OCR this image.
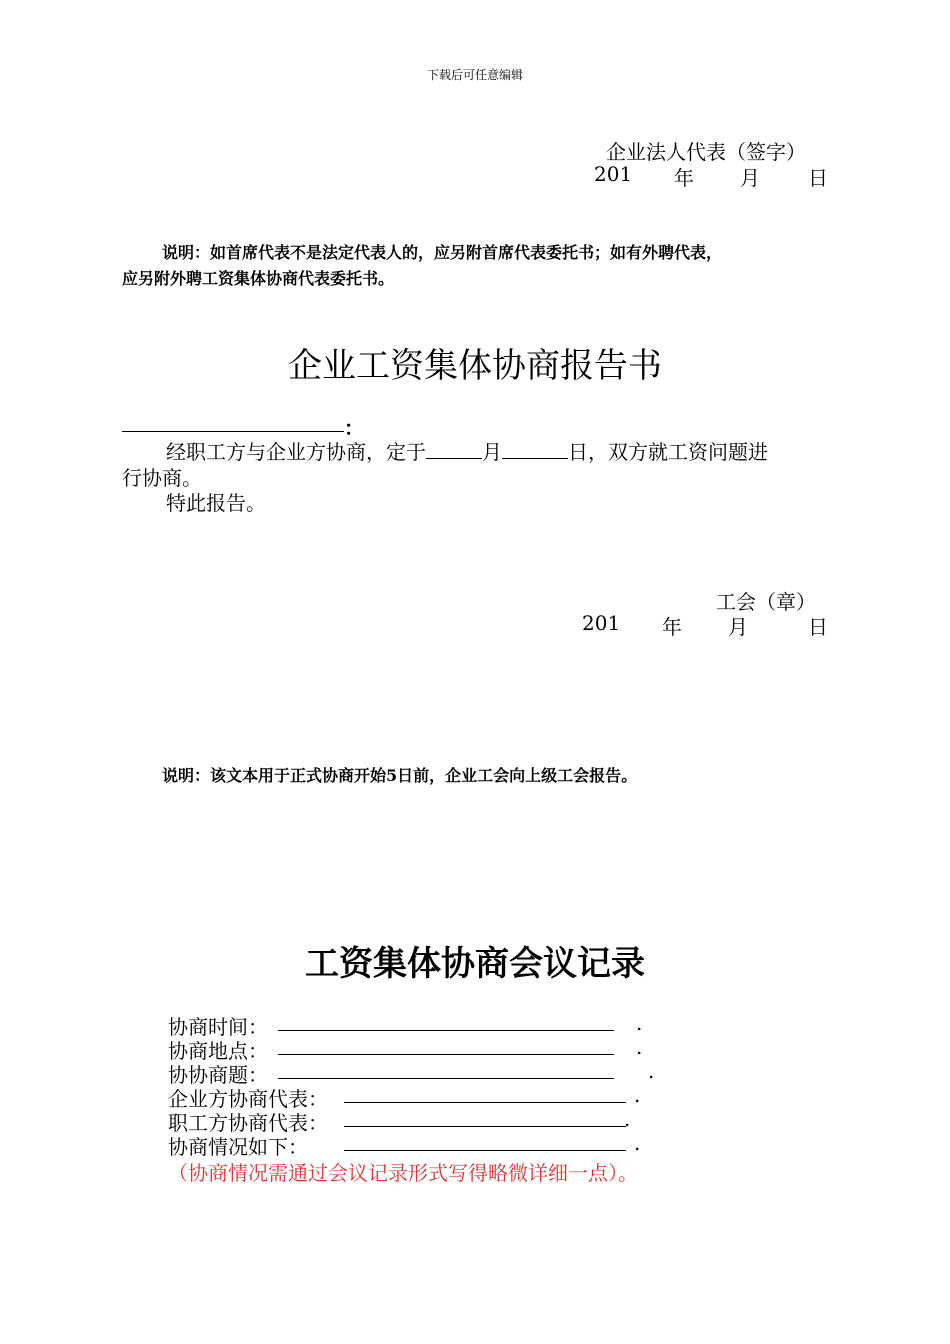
下载后可任意编辑
企业法人代表（签字）
201 年 月 日
说明：如首席代表不是法定代表人的，应另附首席代表委托书；如有外聘代表，
应另附外聘工资集体协商代表委托书。
企业工资集体协商报告书
：
经职工方与企业方协商，定于	月	日，双方就工资问题进
行协商。
特此报告。
工会（章）
201 年 月	日
说明：该文本用于正式协商开始5日前，企业工会向上级工会报告。
工资集体协商会议记录
协商时间：	.
协商地点：	.
协协商题：	.
企业方协商代表：	.
职工方协商代表：	.
协商情况如下：	.
（协商情况需通过会议记录形式写得略微详细一点）。
